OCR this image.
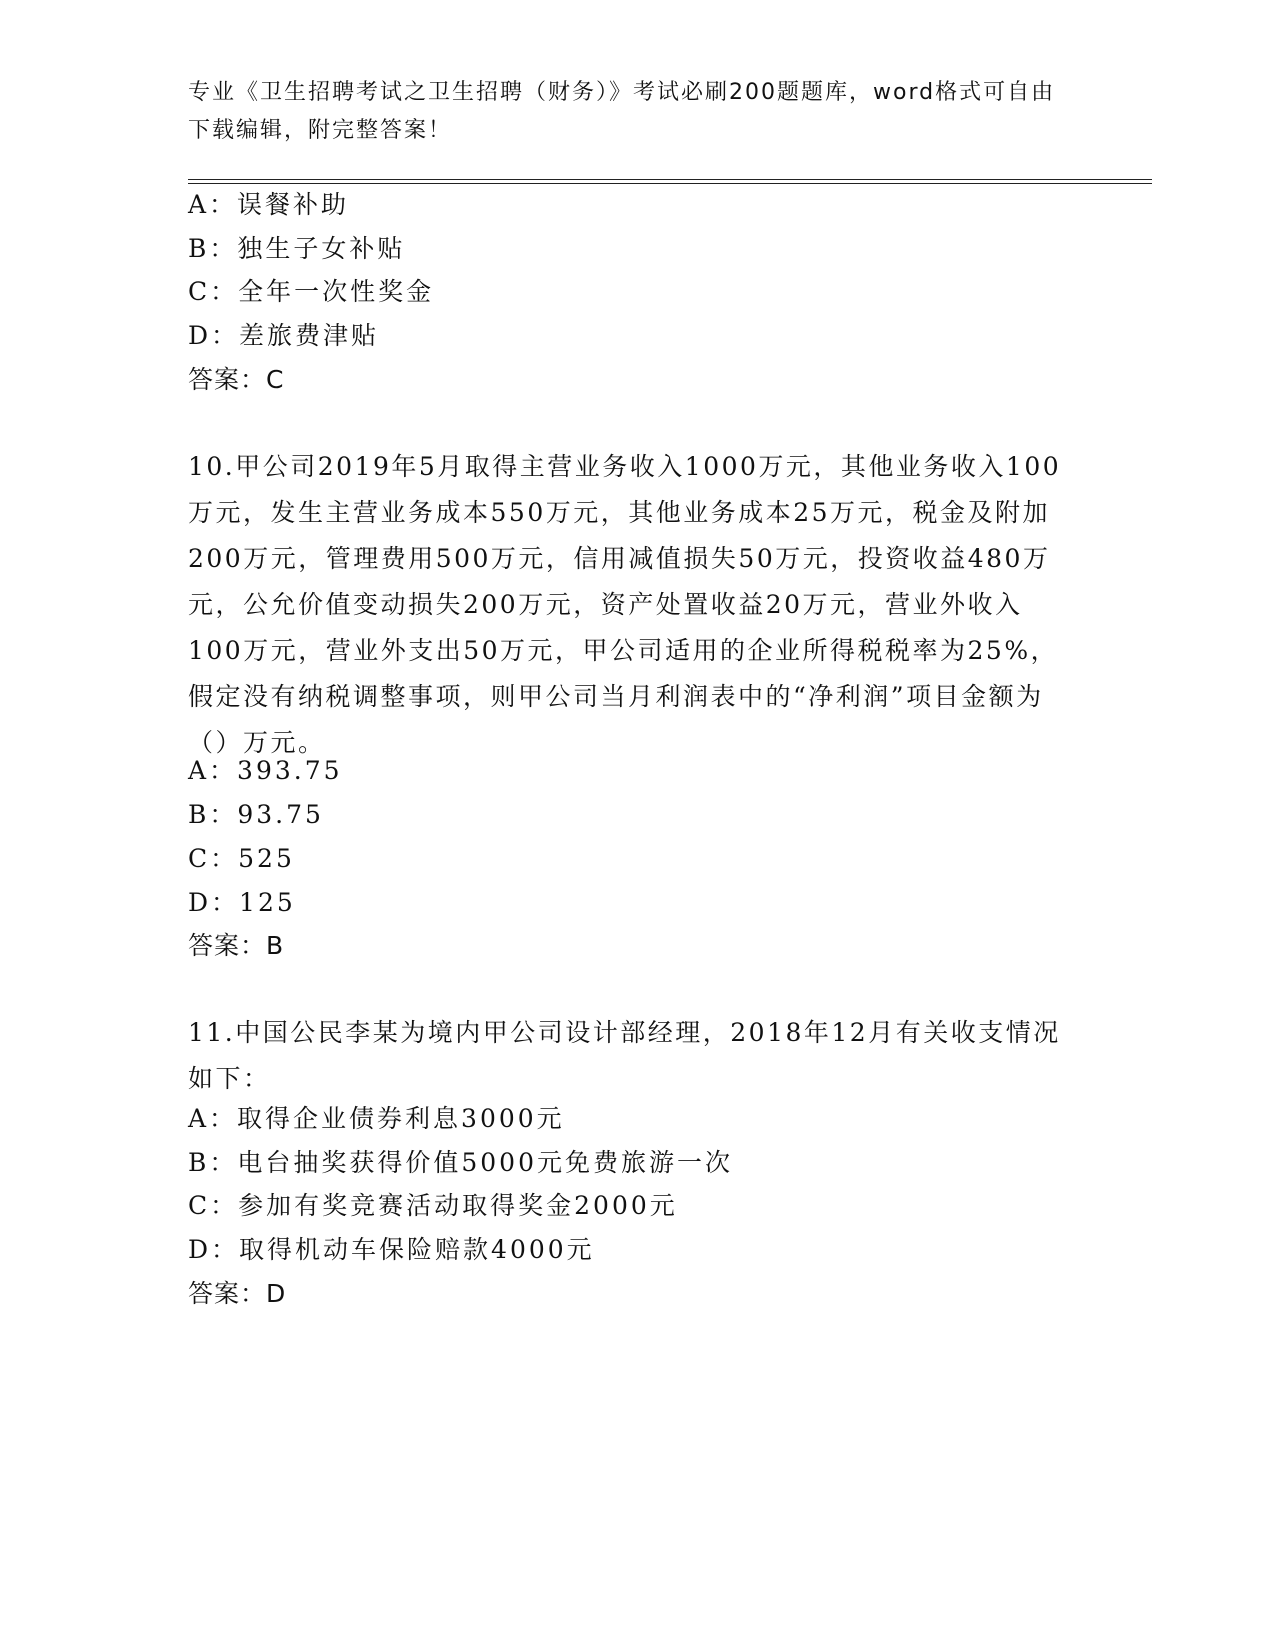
专业《卫生招聘考试之卫生招聘（财务）》考试必刷200题题库，word格式可自由下载编辑，附完整答案！
A：误餐补助
B：独生子女补贴
C：全年一次性奖金
D：差旅费津贴
答案：C
10.甲公司2019年5月取得主营业务收入1000万元，其他业务收入100万元，发生主营业务成本550万元，其他业务成本25万元，税金及附加200万元，管理费用500万元，信用减值损失50万元，投资收益480万元，公允价值变动损失200万元，资产处置收益20万元，营业外收入100万元，营业外支出50万元，甲公司适用的企业所得税税率为25%，假定没有纳税调整事项，则甲公司当月利润表中的“净利润”项目金额为（）万元。
A：393.75
B：93.75
C：525
D：125
答案：B
11.中国公民李某为境内甲公司设计部经理，2018年12月有关收支情况如下：
A：取得企业债券利息3000元
B：电台抽奖获得价值5000元免费旅游一次
C：参加有奖竞赛活动取得奖金2000元
D：取得机动车保险赔款4000元
答案：D
